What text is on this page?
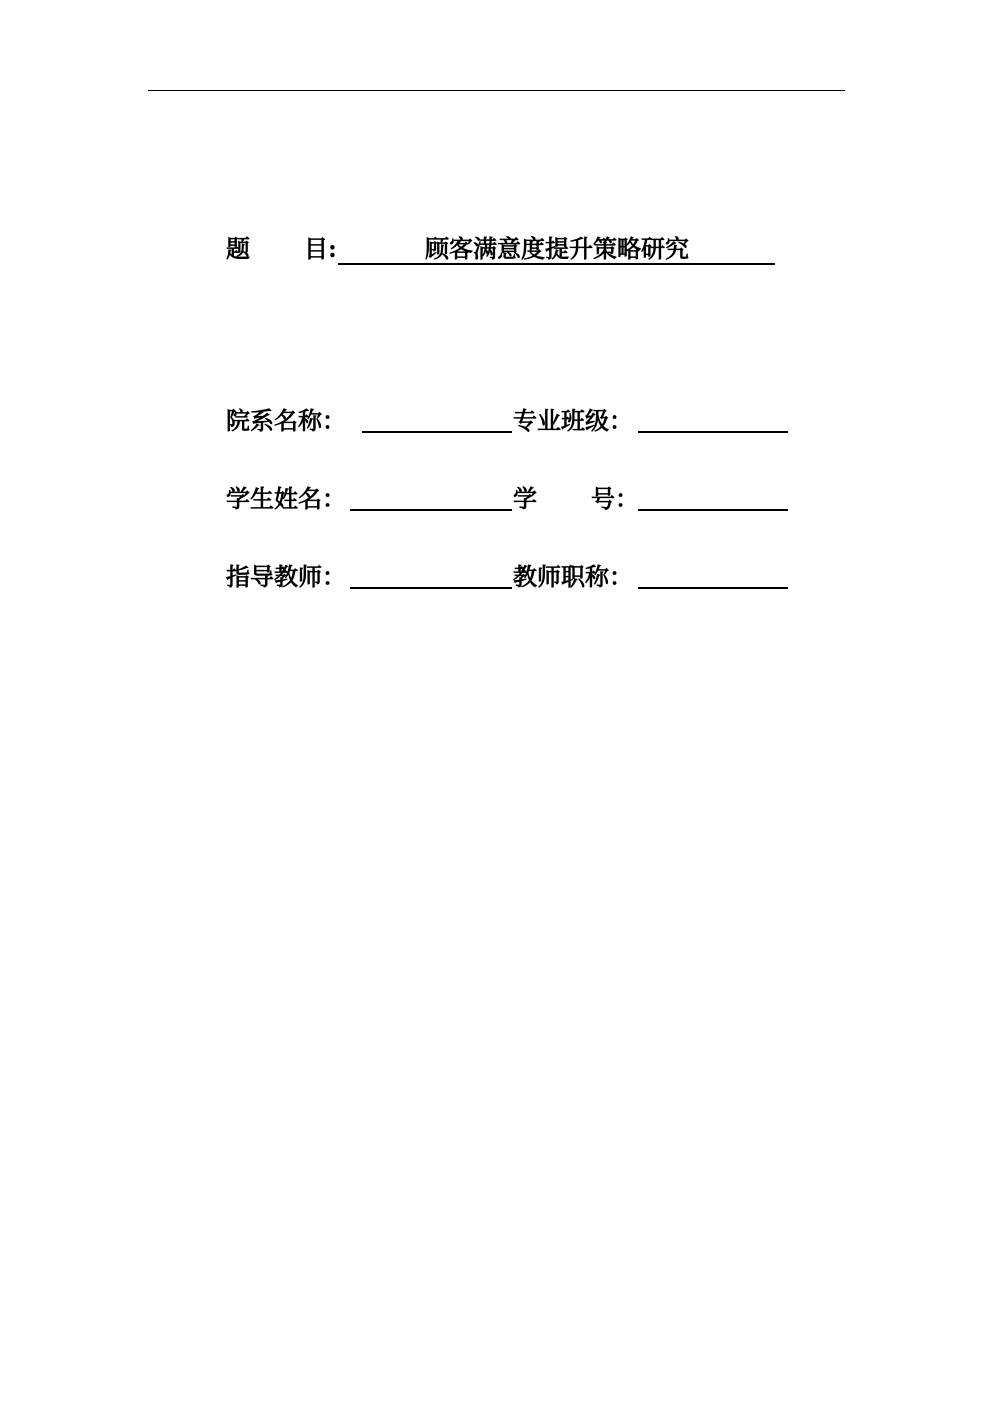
题 目 :	顾客满意度提升策略研究
院系名称：	专业班级：
学生姓名：	学 号：
指导教师：	教师职称：
